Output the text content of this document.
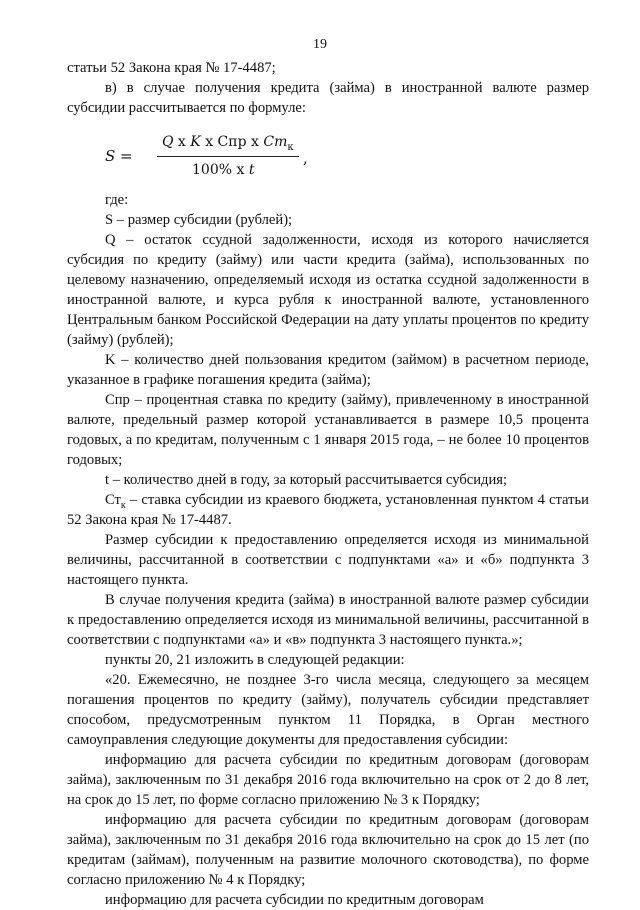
19

статьи 52 Закона края № 17-4487;

в) в случае получения кредита (займа) в иностранной валюте размер субсидии рассчитывается по формуле:

S =
Q x K x Спр x $Ст_к$
100% x t
,

где:

S – размер субсидии (рублей);

Q – остаток ссудной задолженности, исходя из которого начисляется субсидия по кредиту (займу) или части кредита (займа), использованных по целевому назначению, определяемый исходя из остатка ссудной задолженности в иностранной валюте, и курса рубля к иностранной валюте, установленного Центральным банком Российской Федерации на дату уплаты процентов по кредиту (займу) (рублей);

K – количество дней пользования кредитом (займом) в расчетном периоде, указанное в графике погашения кредита (займа);

Спр – процентная ставка по кредиту (займу), привлеченному в иностранной валюте, предельный размер которой устанавливается в размере 10,5 процента годовых, а по кредитам, полученным с 1 января 2015 года, – не более 10 процентов годовых;

t – количество дней в году, за который рассчитывается субсидия;

$Ст_к$ – ставка субсидии из краевого бюджета, установленная пунктом 4 статьи 52 Закона края № 17-4487.

Размер субсидии к предоставлению определяется исходя из минимальной величины, рассчитанной в соответствии с подпунктами «а» и «б» подпункта 3 настоящего пункта.

В случае получения кредита (займа) в иностранной валюте размер субсидии к предоставлению определяется исходя из минимальной величины, рассчитанной в соответствии с подпунктами «а» и «в» подпункта 3 настоящего пункта.»;

пункты 20, 21 изложить в следующей редакции:

«20. Ежемесячно, не позднее 3-го числа месяца, следующего за месяцем погашения процентов по кредиту (займу), получатель субсидии представляет способом, предусмотренным пунктом 11 Порядка, в Орган местного самоуправления следующие документы для предоставления субсидии:

информацию для расчета субсидии по кредитным договорам (договорам займа), заключенным по 31 декабря 2016 года включительно на срок от 2 до 8 лет, на срок до 15 лет, по форме согласно приложению № 3 к Порядку;

информацию для расчета субсидии по кредитным договорам (договорам займа), заключенным по 31 декабря 2016 года включительно на срок до 15 лет (по кредитам (займам), полученным на развитие молочного скотоводства), по форме согласно приложению № 4 к Порядку;

информацию для расчета субсидии по кредитным договорам
